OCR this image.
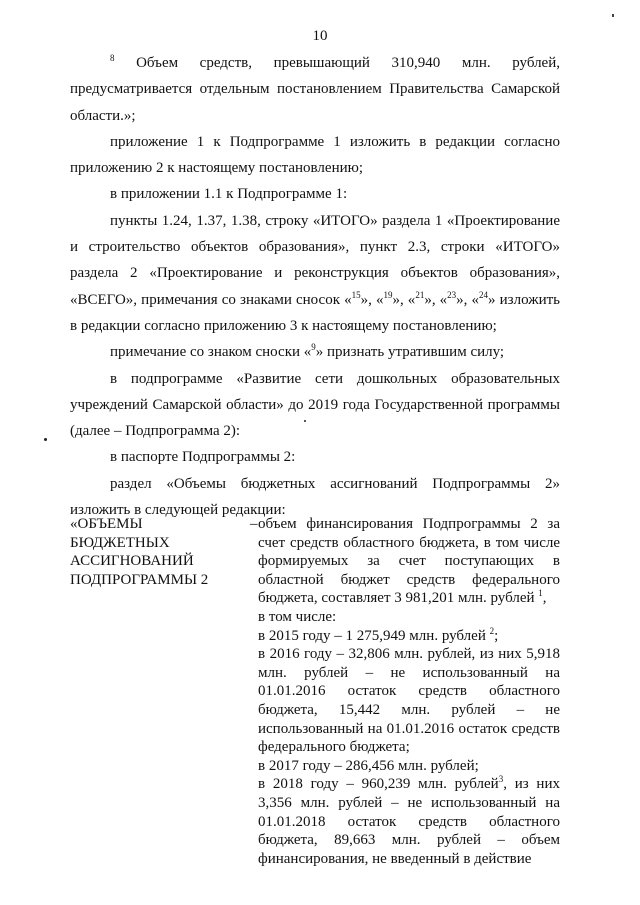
10

$^8$ Объем средств, превышающий 310,940 млн. рублей, предусматривается отдельным постановлением Правительства Самарской области.»;

приложение 1 к Подпрограмме 1 изложить в редакции согласно приложению 2 к настоящему постановлению;

в приложении 1.1 к Подпрограмме 1:

пункты 1.24, 1.37, 1.38, строку «ИТОГО» раздела 1 «Проектирование и строительство объектов образования», пункт 2.3, строки «ИТОГО» раздела 2 «Проектирование и реконструкция объектов образования», «ВСЕГО», примечания со знаками сносок «$^{15}$», «$^{19}$», «$^{21}$», «$^{23}$», «$^{24}$» изложить в редакции согласно приложению 3 к настоящему постановлению;

примечание со знаком сноски «$^9$» признать утратившим силу;

в подпрограмме «Развитие сети дошкольных образовательных учреждений Самарской области» до 2019 года Государственной программы (далее – Подпрограмма 2):

в паспорте Подпрограммы 2:

раздел «Объемы бюджетных ассигнований Подпрограммы 2» изложить в следующей редакции:

«ОБЪЕМЫ
БЮДЖЕТНЫХ
АССИГНОВАНИЙ
ПОДПРОГРАММЫ 2
– объем финансирования Подпрограммы 2 за счет средств областного бюджета, в том числе формируемых за счет поступающих в областной бюджет средств федерального бюджета, составляет 3 981,201 млн. рублей $^1$,
в том числе:
в 2015 году – 1 275,949 млн. рублей $^2$;
в 2016 году – 32,806 млн. рублей, из них 5,918 млн. рублей – не использованный на 01.01.2016 остаток средств областного бюджета, 15,442 млн. рублей – не использованный на 01.01.2016 остаток средств федерального бюджета;
в 2017 году – 286,456 млн. рублей;
в 2018 году – 960,239 млн. рублей$^3$, из них 3,356 млн. рублей – не использованный на 01.01.2018 остаток средств областного бюджета, 89,663 млн. рублей – объем финансирования, не введенный в действие
